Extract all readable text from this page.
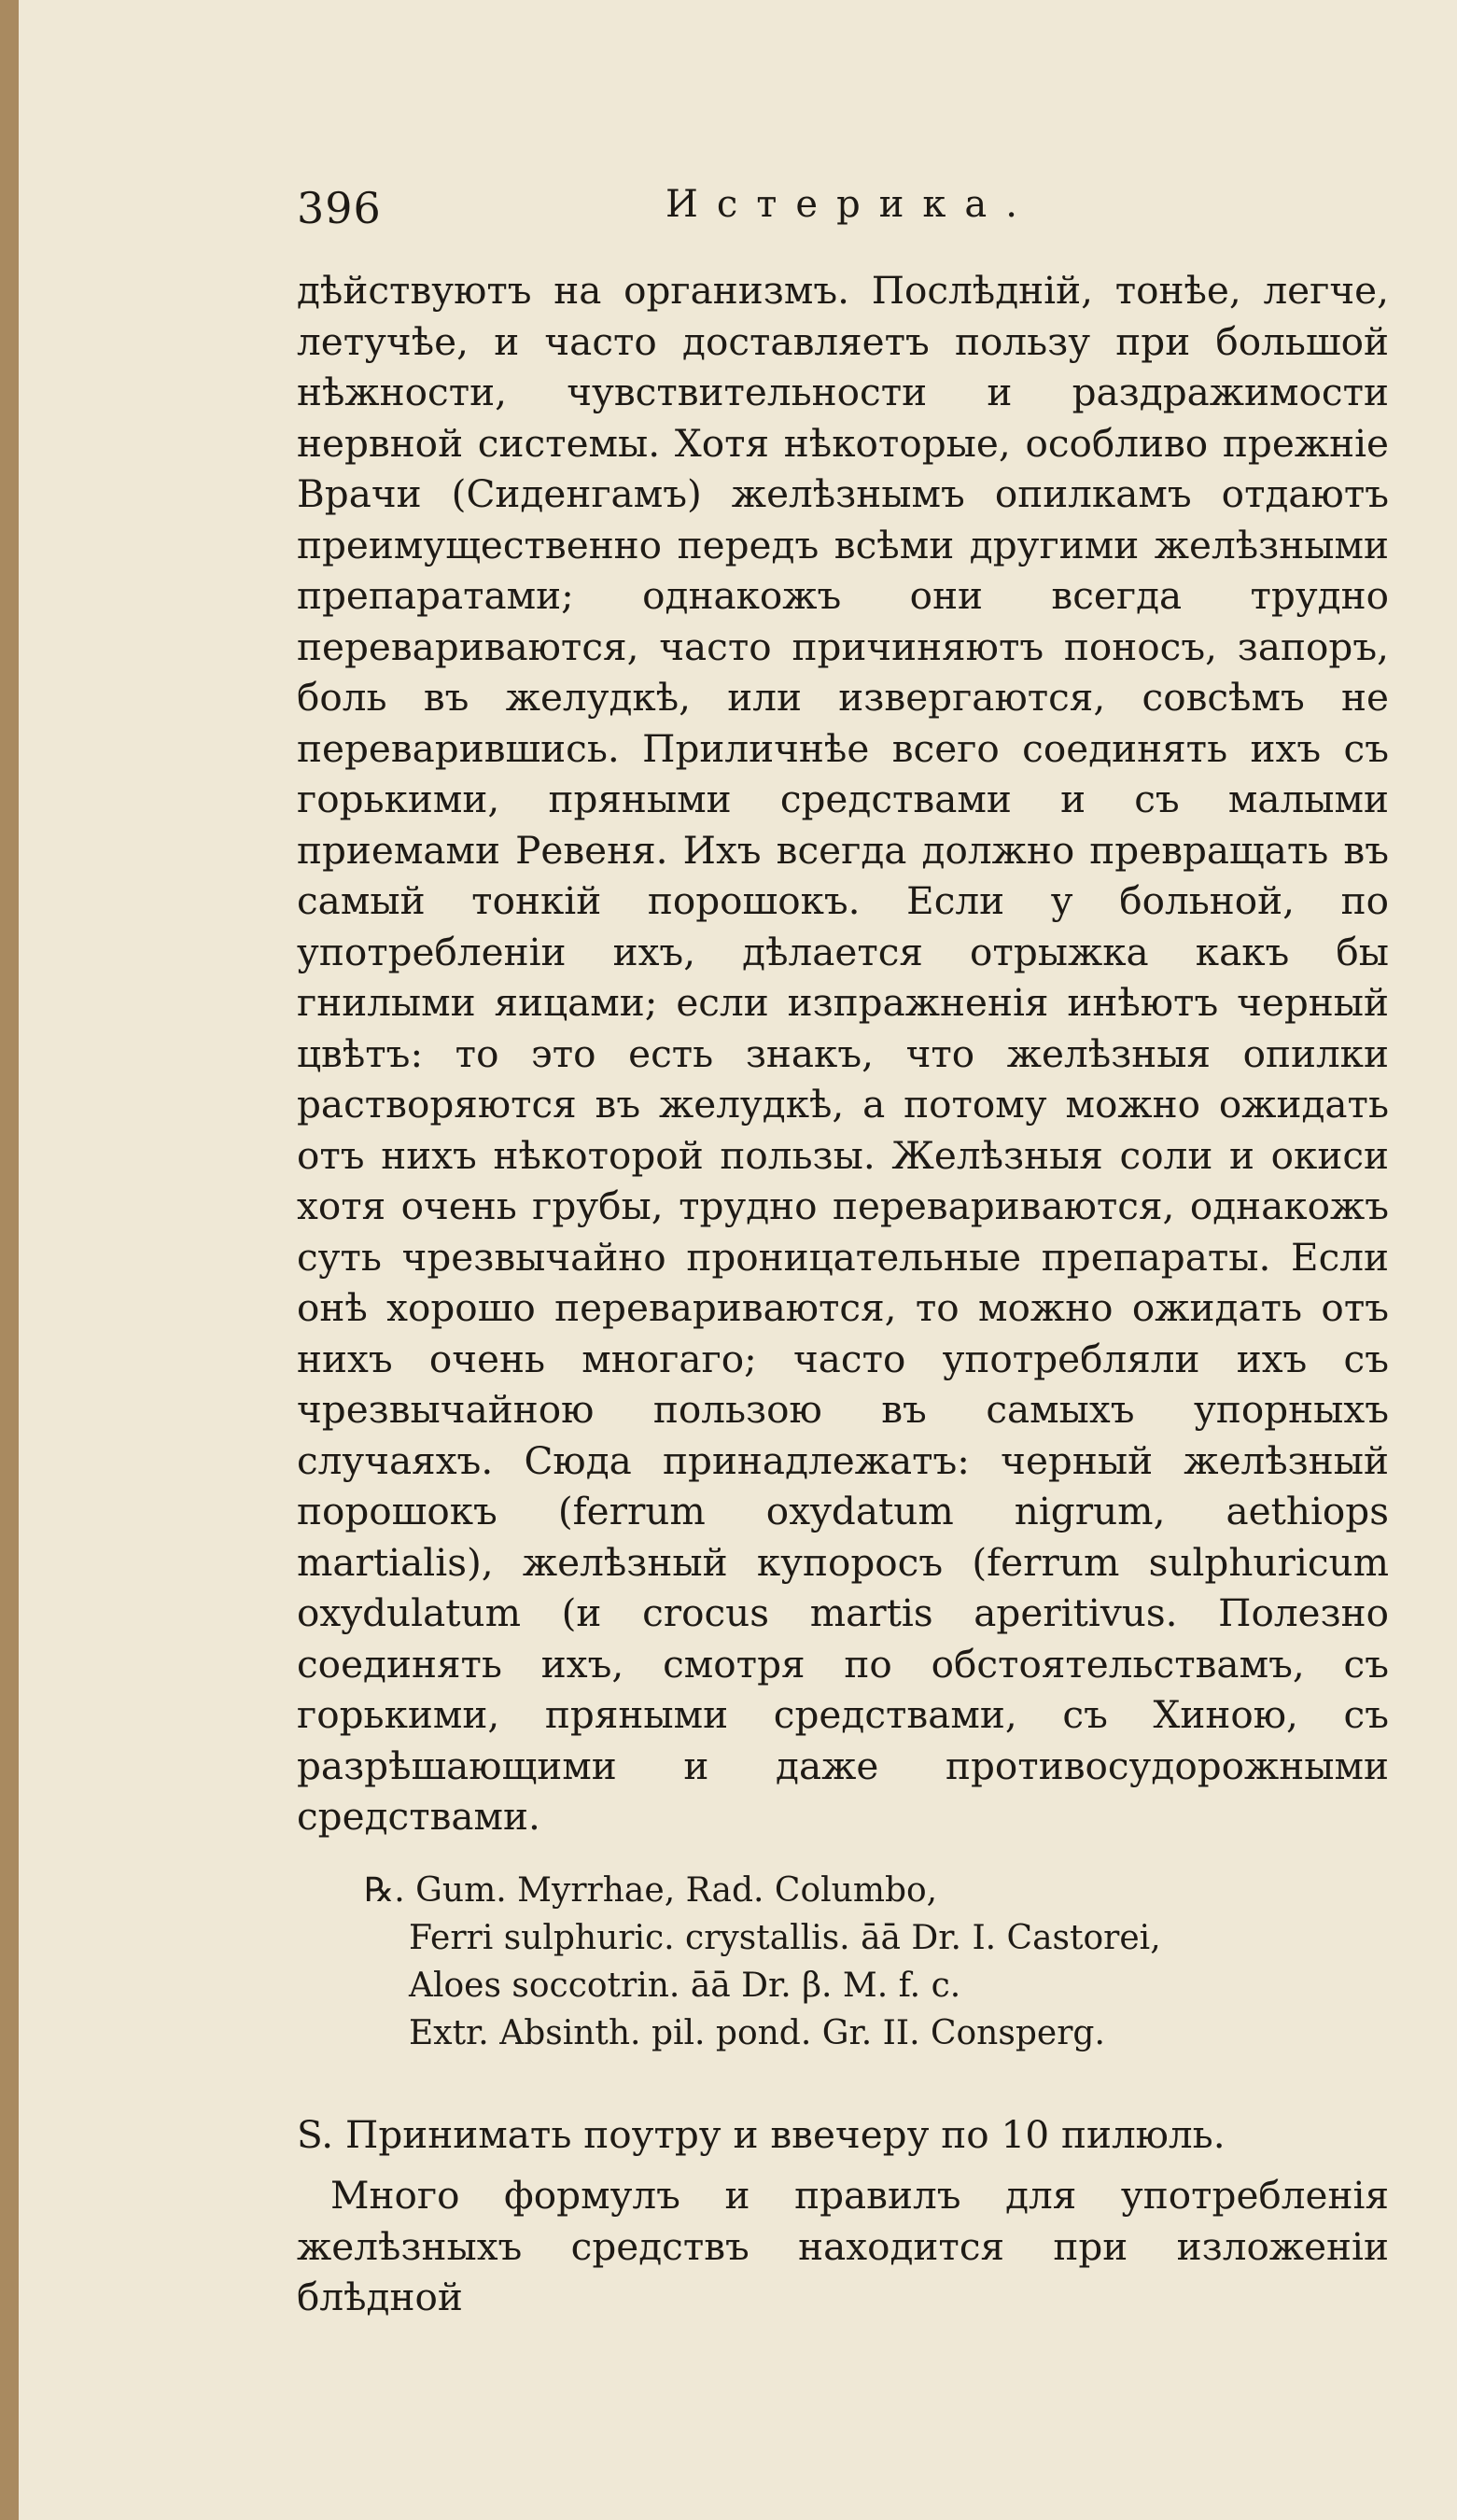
396	Истерика.

дѣйствуютъ на организмъ. Послѣднiй, тонѣе, легче, летучѣе, и часто доставляетъ пользу при большой нѣжности, чувствительности и раздражимости нервной системы. Хотя нѣкоторые, особливо прежнiе Врачи (Сиденгамъ) желѣзнымъ опилкамъ отдаютъ преимущественно передъ всѣми другими желѣзными препаратами; однакожъ они всегда трудно перевариваются, часто причиняютъ поносъ, запоръ, боль въ желудкѣ, или извергаются, совсѣмъ не переварившись. Приличнѣе всего соединять ихъ съ горькими, пряными средствами и съ малыми приемами Ревеня. Ихъ всегда должно превращать въ самый тонкiй порошокъ. Если у больной, по употребленiи ихъ, дѣлается отрыжка какъ бы гнилыми яицами; если изпражненiя инѣютъ черный цвѣтъ: то это есть знакъ, что желѣзныя опилки растворяются въ желудкѣ, а потому можно ожидать отъ нихъ нѣкоторой пользы. Желѣзныя соли и окиси хотя очень грубы, трудно перевариваются, однакожъ суть чрезвычайно проницательные препараты. Если онѣ хорошо перевариваются, то можно ожидать отъ нихъ очень многаго; часто употребляли ихъ съ чрезвычайною пользою въ самыхъ упорныхъ случаяхъ. Сюда принадлежатъ: черный желѣзный порошокъ (ferrum oxydatum nigrum, aethiops martialis), желѣзный купоросъ (ferrum sulphuricum oxydulatum (и crocus martis aperitivus. Полезно соединять ихъ, смотря по обстоятельствамъ, съ горькими, пряными средствами, съ Хиною, съ разрѣшающими и даже противосудорожными средствами.

℞. Gum. Myrrhae, Rad. Columbo,
Ferri sulphuric. crystallis. āā Dr. I. Castorei,
Aloes soccotrin. āā Dr. β. M. f. c.
Extr. Absinth. pil. pond. Gr. II. Consperg.
S. Принимать поутру и ввечеру по 10 пилюль.
Много формулъ и правилъ для употребленiя желѣзныхъ средствъ находится при изложенiи блѣдной
